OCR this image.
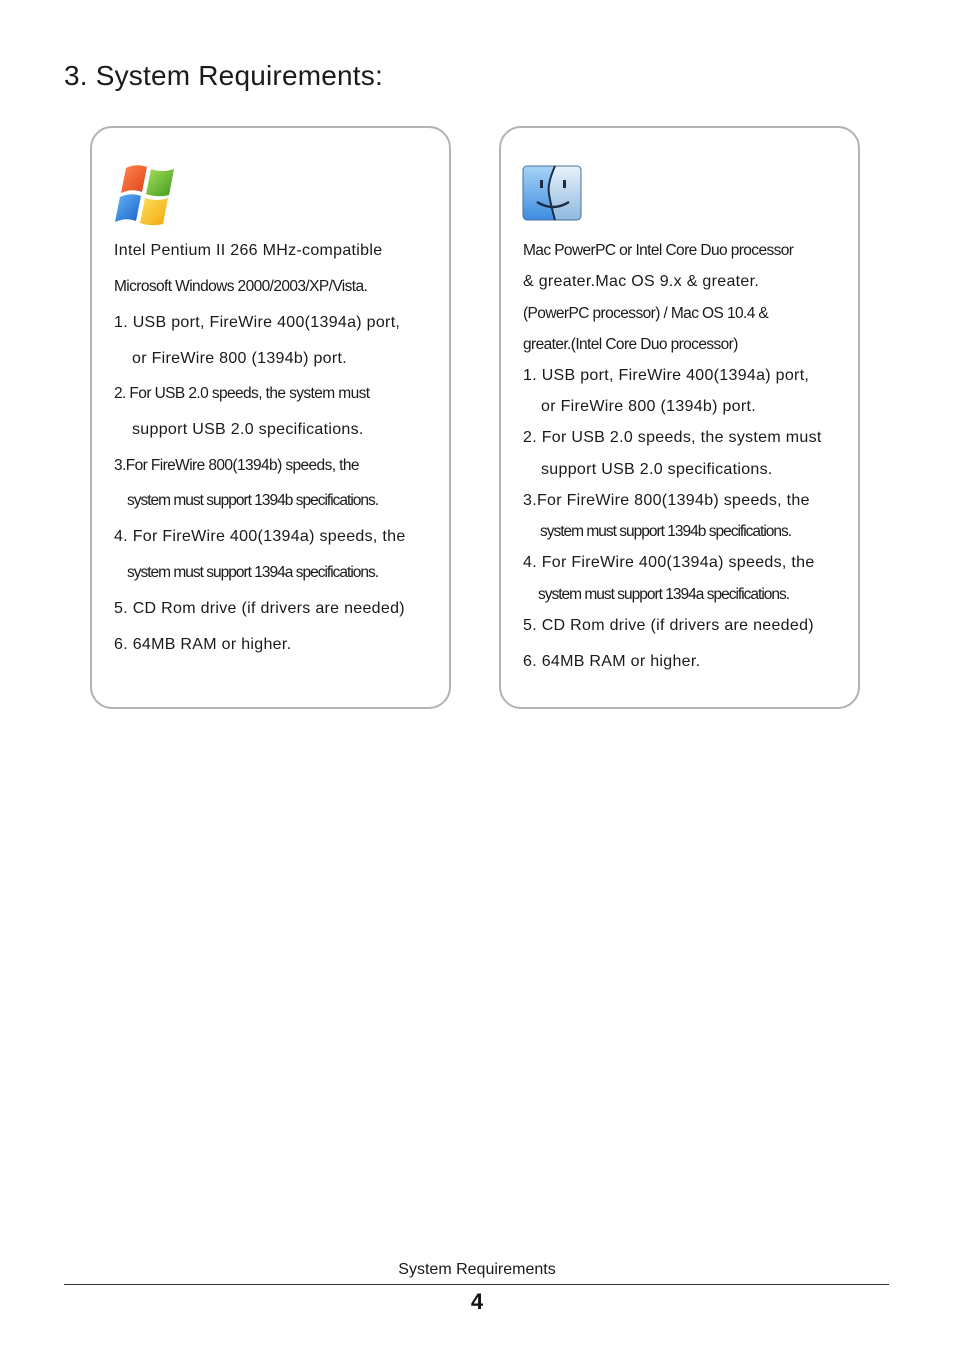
3. System Requirements:
Intel Pentium II 266 MHz-compatible
Microsoft Windows 2000/2003/XP/Vista.
1. USB port, FireWire 400(1394a) port,
or FireWire 800 (1394b) port.
2. For USB 2.0 speeds, the system must
support USB 2.0 specifications.
3.For FireWire 800(1394b) speeds, the
system must support 1394b specifications.
4. For FireWire 400(1394a) speeds, the
system must support 1394a specifications.
5. CD Rom drive (if drivers are needed)
6. 64MB RAM or higher.
Mac PowerPC or Intel Core Duo processor
& greater.Mac OS 9.x & greater.
(PowerPC processor) / Mac OS 10.4 &
greater.(Intel Core Duo processor)
1. USB port, FireWire 400(1394a) port,
or FireWire 800 (1394b) port.
2. For USB 2.0 speeds, the system must
support USB 2.0 specifications.
3.For FireWire 800(1394b) speeds, the
system must support 1394b specifications.
4. For FireWire 400(1394a) speeds, the
system must support 1394a specifications.
5. CD Rom drive (if drivers are needed)
6. 64MB RAM or higher.
System Requirements
4
